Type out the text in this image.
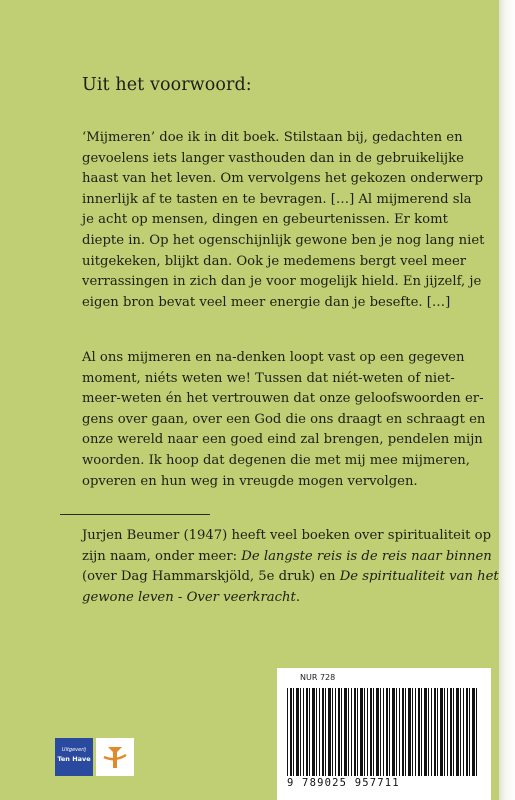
Uit het voorwoord:

‘Mijmeren’ doe ik in dit boek. Stilstaan bij, gedachten en
gevoelens iets langer vasthouden dan in de gebruikelijke
haast van het leven. Om vervolgens het gekozen onderwerp
innerlijk af te tasten en te bevragen. […] Al mijmerend sla
je acht op mensen, dingen en gebeurtenissen. Er komt
diepte in. Op het ogenschijnlijk gewone ben je nog lang niet
uitgekeken, blijkt dan. Ook je medemens bergt veel meer
verrassingen in zich dan je voor mogelijk hield. En jijzelf, je
eigen bron bevat veel meer energie dan je besefte. […]

Al ons mijmeren en na-denken loopt vast op een gegeven
moment, niéts weten we! Tussen dat niét-weten of niet-
meer-weten én het vertrouwen dat onze geloofswoorden er-
gens over gaan, over een God die ons draagt en schraagt en
onze wereld naar een goed eind zal brengen, pendelen mijn
woorden. Ik hoop dat degenen die met mij mee mijmeren,
opveren en hun weg in vreugde mogen vervolgen.

Jurjen Beumer (1947) heeft veel boeken over spiritualiteit op
zijn naam, onder meer: De langste reis is de reis naar binnen
(over Dag Hammarskjöld, 5e druk) en De spiritualiteit van het
gewone leven - Over veerkracht.

NUR 728
9 789025 957711
Uitgeverij
Ten Have
